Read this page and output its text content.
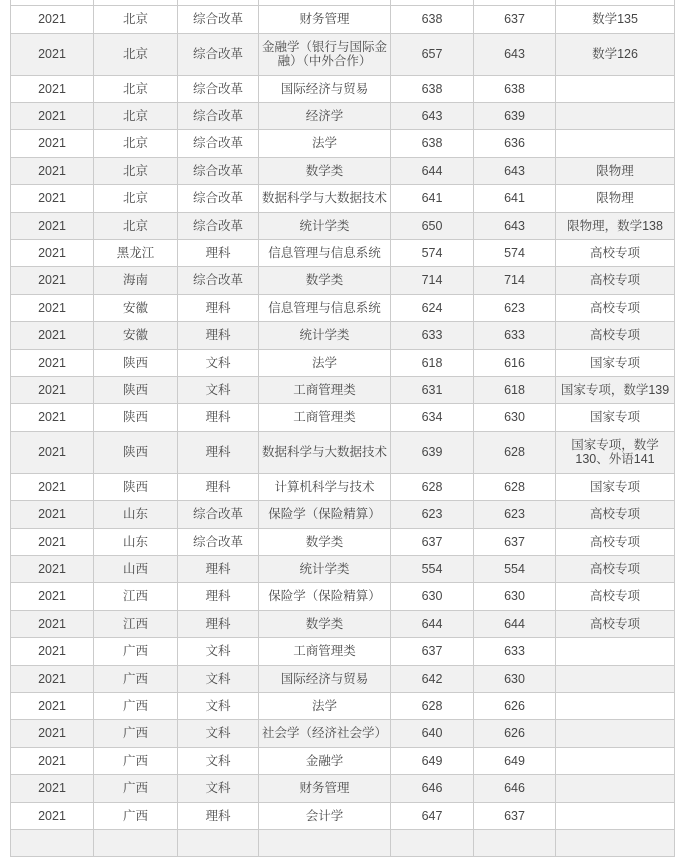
2021	北京	综合改革	财务管理	638	637	数学135
2021	北京	综合改革	金融学（银行与国际金融）（中外合作）	657	643	数学126
2021	北京	综合改革	国际经济与贸易	638	638	
2021	北京	综合改革	经济学	643	639	
2021	北京	综合改革	法学	638	636	
2021	北京	综合改革	数学类	644	643	限物理
2021	北京	综合改革	数据科学与大数据技术	641	641	限物理
2021	北京	综合改革	统计学类	650	643	限物理，数学138
2021	黑龙江	理科	信息管理与信息系统	574	574	高校专项
2021	海南	综合改革	数学类	714	714	高校专项
2021	安徽	理科	信息管理与信息系统	624	623	高校专项
2021	安徽	理科	统计学类	633	633	高校专项
2021	陕西	文科	法学	618	616	国家专项
2021	陕西	文科	工商管理类	631	618	国家专项，数学139
2021	陕西	理科	工商管理类	634	630	国家专项
2021	陕西	理科	数据科学与大数据技术	639	628	国家专项，数学130、外语141
2021	陕西	理科	计算机科学与技术	628	628	国家专项
2021	山东	综合改革	保险学（保险精算）	623	623	高校专项
2021	山东	综合改革	数学类	637	637	高校专项
2021	山西	理科	统计学类	554	554	高校专项
2021	江西	理科	保险学（保险精算）	630	630	高校专项
2021	江西	理科	数学类	644	644	高校专项
2021	广西	文科	工商管理类	637	633	
2021	广西	文科	国际经济与贸易	642	630	
2021	广西	文科	法学	628	626	
2021	广西	文科	社会学（经济社会学）	640	626	
2021	广西	文科	金融学	649	649	
2021	广西	文科	财务管理	646	646	
2021	广西	理科	会计学	647	637	
